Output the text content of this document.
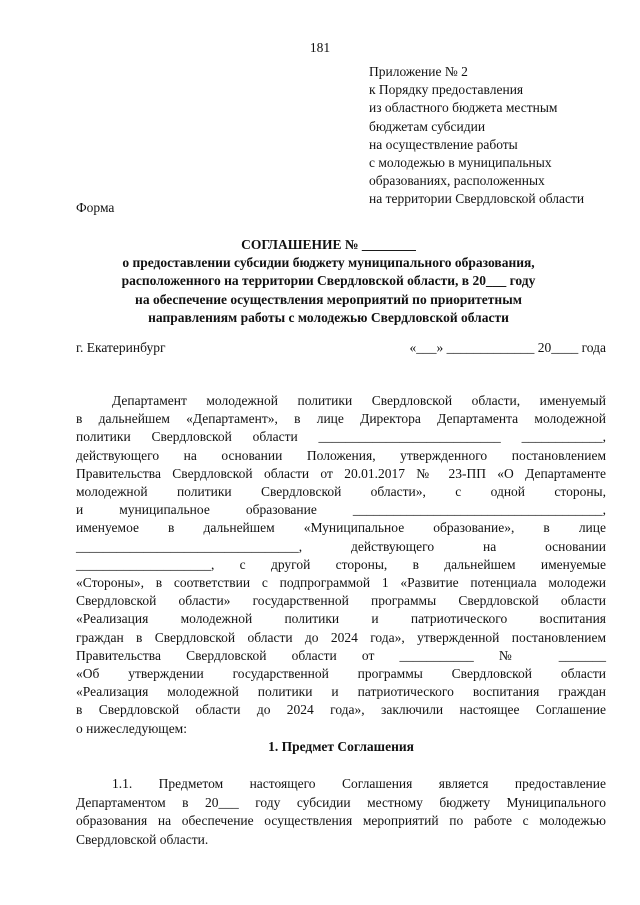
181
Приложение № 2
к Порядку предоставления
из областного бюджета местным
бюджетам субсидии
на осуществление работы
с молодежью в муниципальных
образованиях, расположенных
на территории Свердловской области
Форма
СОГЛАШЕНИЕ № ________
о предоставлении субсидии бюджету муниципального образования,
расположенного на территории Свердловской области, в 20___ году
на обеспечение осуществления мероприятий по приоритетным
направлениям работы с молодежью Свердловской области
г. Екатеринбург	«___» _____________ 20____ года
Департамент молодежной политики Свердловской области, именуемый
в дальнейшем «Департамент», в лице Директора Департамента молодежной
политики Свердловской области ___________________________ ____________,
действующего на основании Положения, утвержденного постановлением
Правительства Свердловской области от 20.01.2017 № 23-ПП «О Департаменте
молодежной политики Свердловской области», с одной стороны,
и муниципальное образование _____________________________________,
именуемое в дальнейшем «Муниципальное образование», в лице
_________________________________, действующего на основании
____________________, с другой стороны, в дальнейшем именуемые
«Стороны», в соответствии с подпрограммой 1 «Развитие потенциала молодежи
Свердловской области» государственной программы Свердловской области
«Реализация молодежной политики и патриотического воспитания
граждан в Свердловской области до 2024 года», утвержденной постановлением
Правительства Свердловской области от ___________ № _______
«Об утверждении государственной программы Свердловской области
«Реализация молодежной политики и патриотического воспитания граждан
в Свердловской области до 2024 года», заключили настоящее Соглашение
о нижеследующем:
1. Предмет Соглашения
1.1. Предметом настоящего Соглашения является предоставление
Департаментом в 20___ году субсидии местному бюджету Муниципального
образования на обеспечение осуществления мероприятий по работе с молодежью
Свердловской области.
